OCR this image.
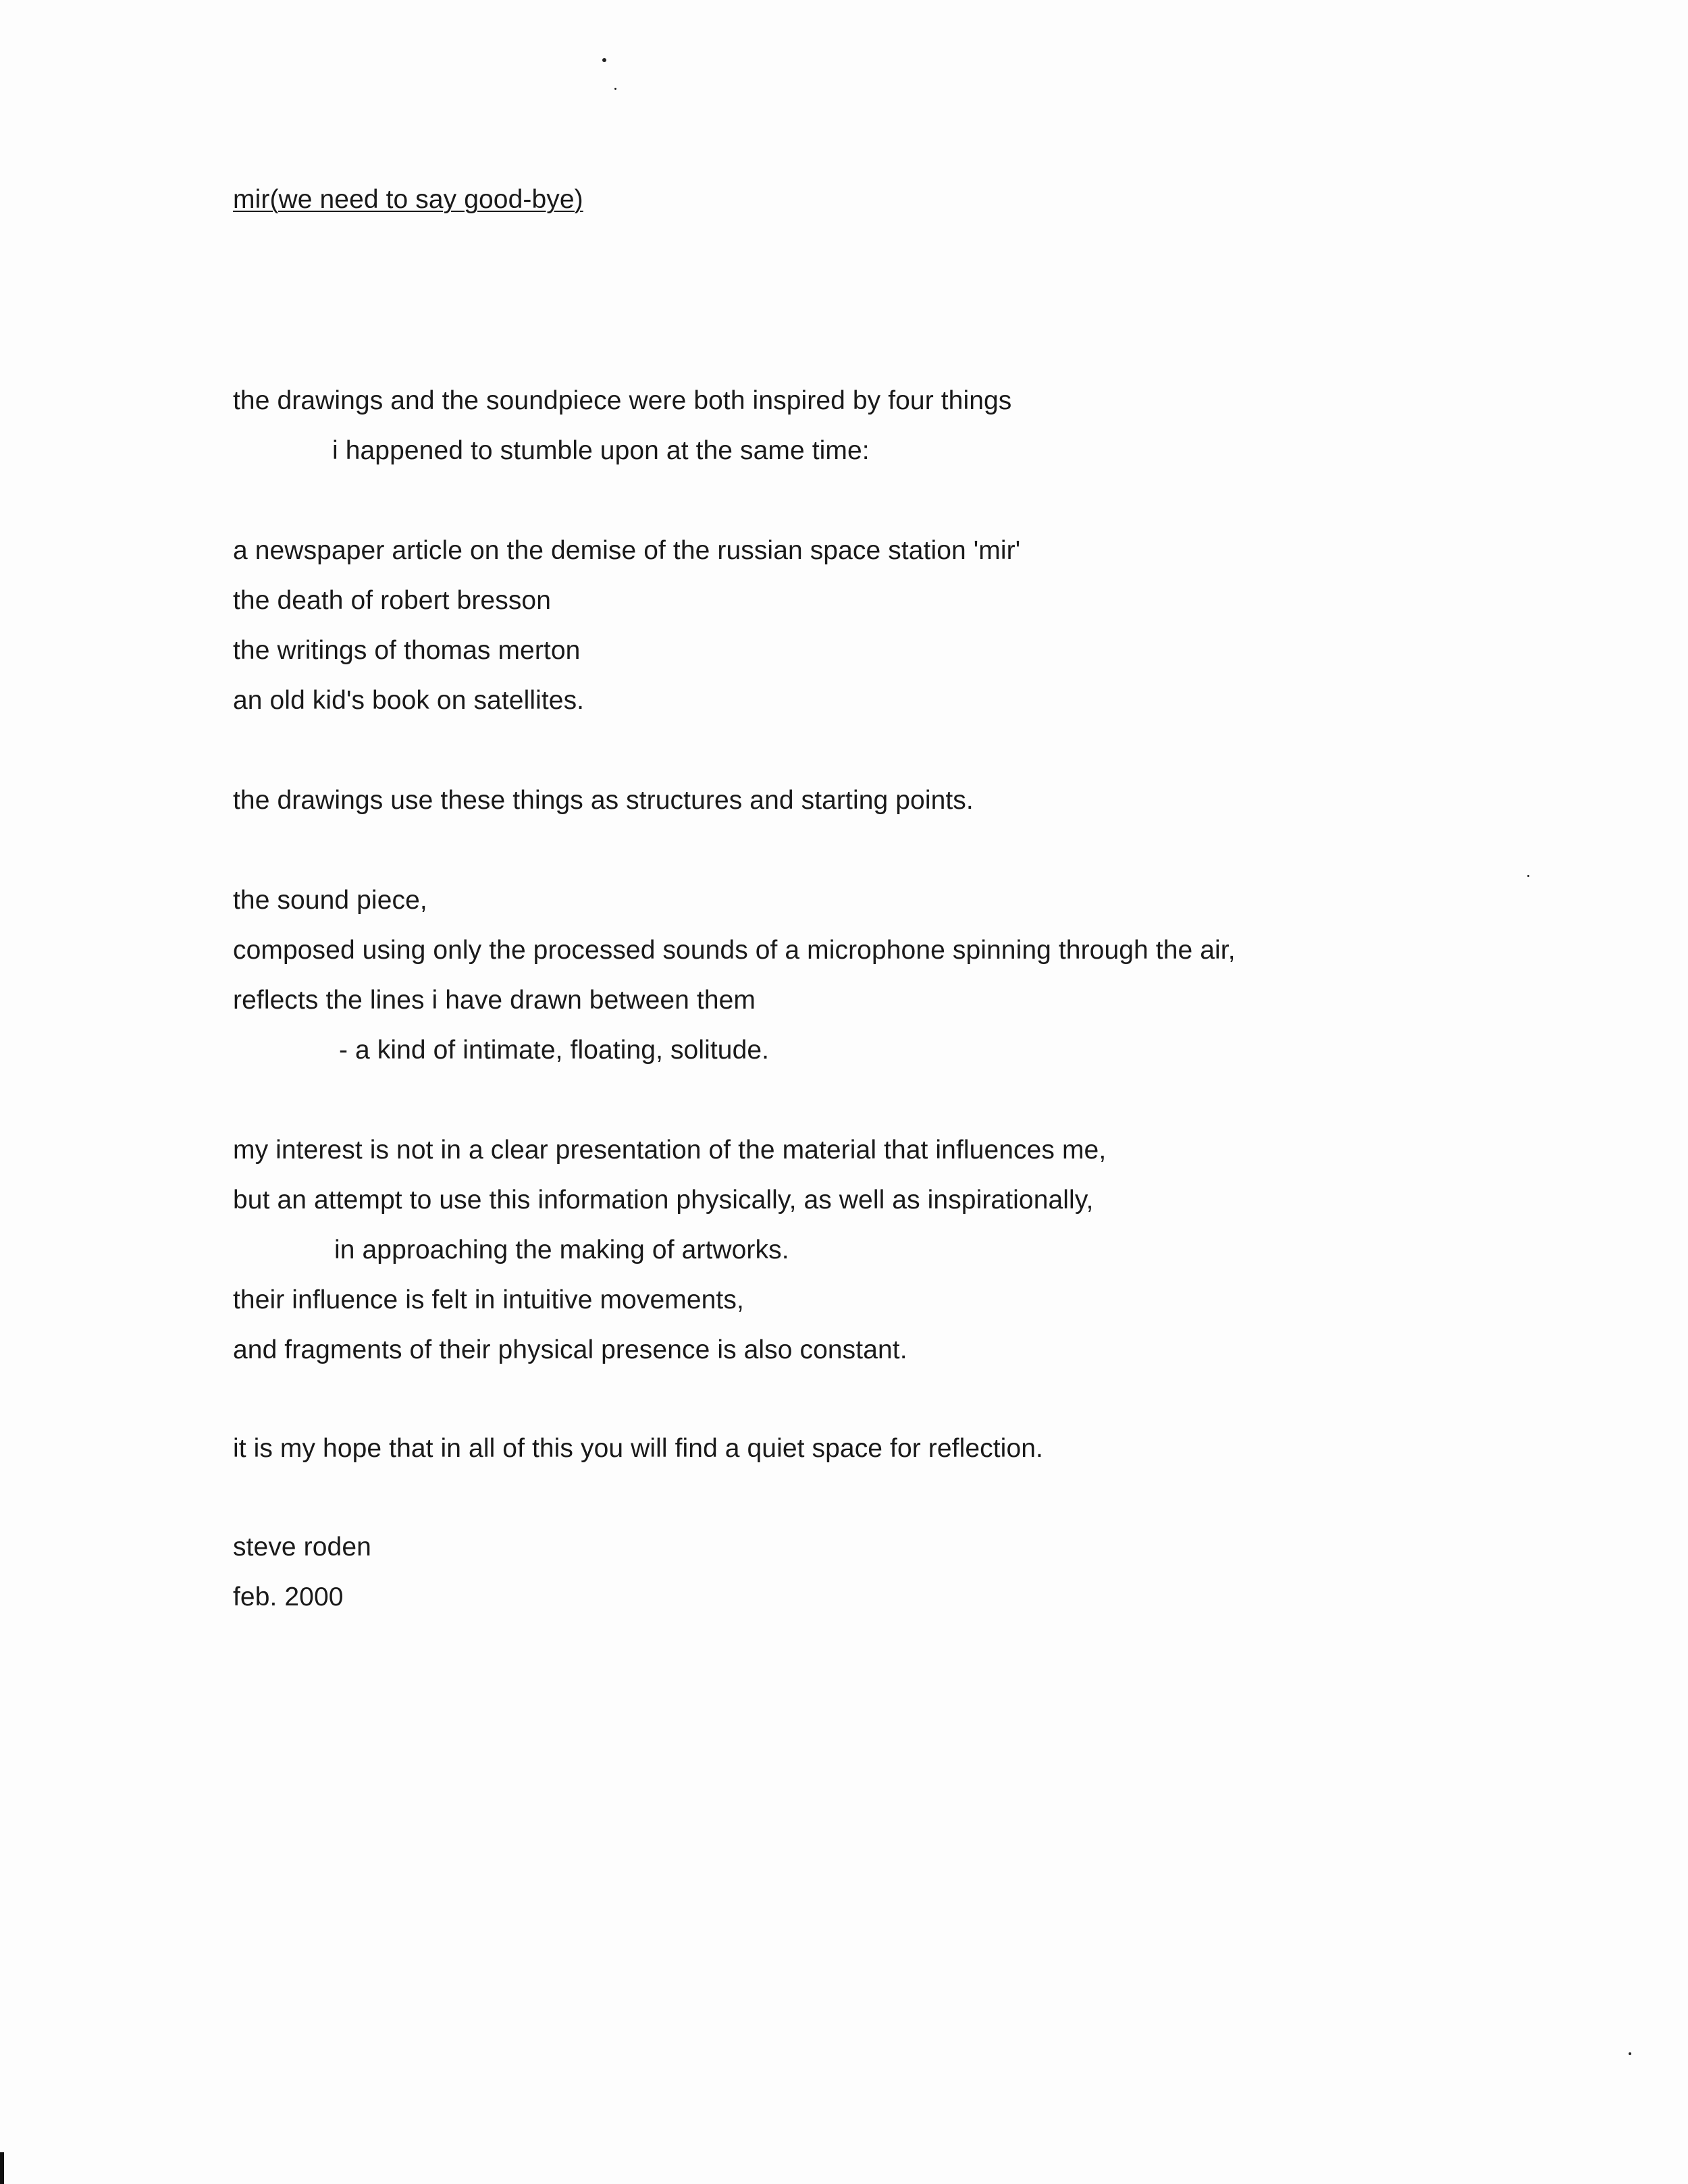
mir(we need to say good-bye)
the drawings and the soundpiece were both inspired by four things
i happened to stumble upon at the same time:
a newspaper article on the demise of the russian space station 'mir'
the death of robert bresson
the writings of thomas merton
an old kid's book on satellites.
the drawings use these things as structures and starting points.
the sound piece,
composed using only the processed sounds of a microphone spinning through the air,
reflects the lines i have drawn between them
- a kind of intimate, floating, solitude.
my interest is not in a clear presentation of the material that influences me,
but an attempt to use this information physically, as well as inspirationally,
in approaching the making of artworks.
their influence is felt in intuitive movements,
and fragments of their physical presence is also constant.
it is my hope that in all of this you will find a quiet space for reflection.
steve roden
feb. 2000
